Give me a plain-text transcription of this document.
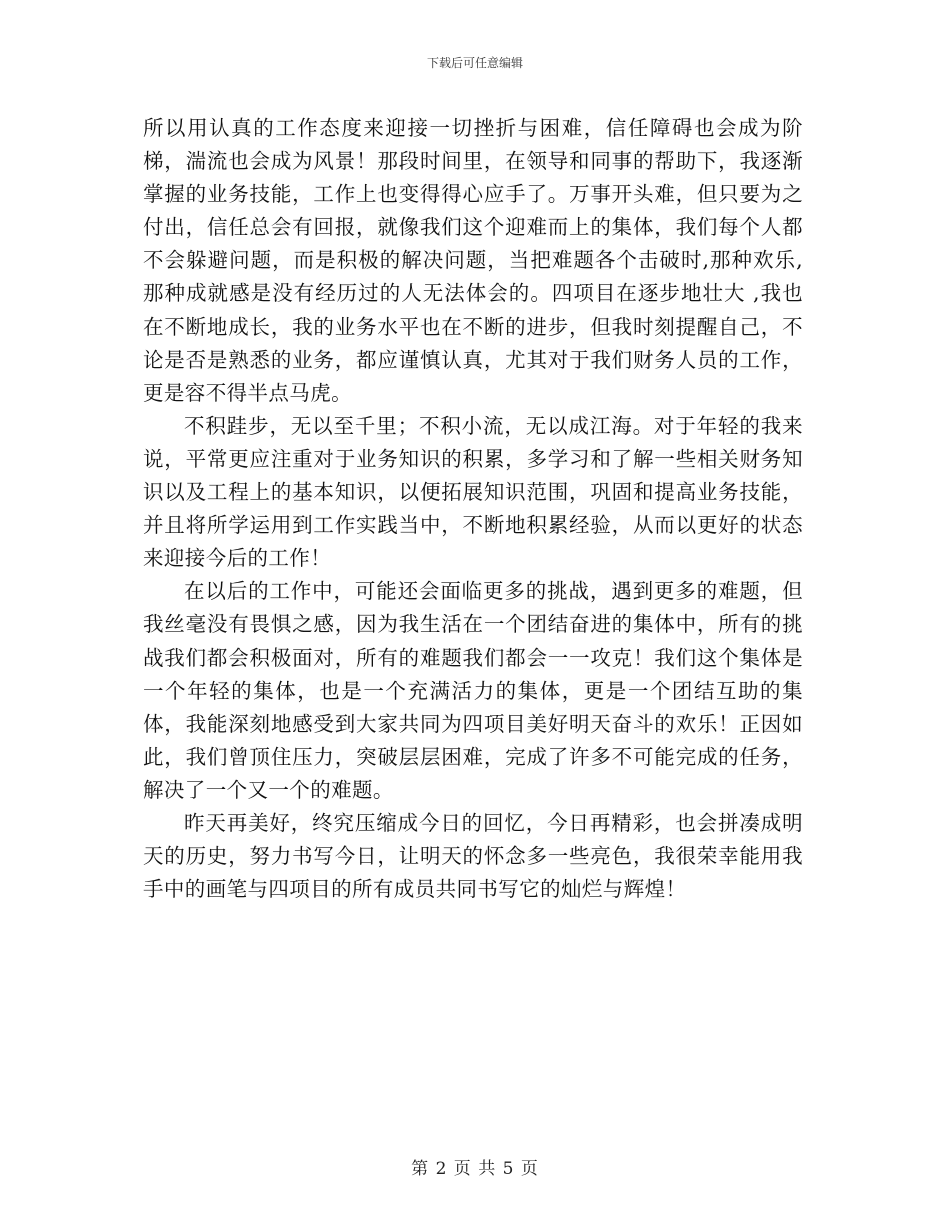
下载后可任意编辑

所以用认真的工作态度来迎接一切挫折与困难，信任障碍也会成为阶梯，湍流也会成为风景！那段时间里，在领导和同事的帮助下，我逐渐掌握的业务技能，工作上也变得得心应手了。万事开头难，但只要为之付出，信任总会有回报，就像我们这个迎难而上的集体，我们每个人都不会躲避问题，而是积极的解决问题，当把难题各个击破时,那种欢乐,那种成就感是没有经历过的人无法体会的。四项目在逐步地壮大 ,我也在不断地成长，我的业务水平也在不断的进步，但我时刻提醒自己，不论是否是熟悉的业务，都应谨慎认真，尤其对于我们财务人员的工作，更是容不得半点马虎。

不积跬步，无以至千里；不积小流，无以成江海。对于年轻的我来说，平常更应注重对于业务知识的积累，多学习和了解一些相关财务知识以及工程上的基本知识，以便拓展知识范围，巩固和提高业务技能，并且将所学运用到工作实践当中，不断地积累经验，从而以更好的状态来迎接今后的工作！

在以后的工作中，可能还会面临更多的挑战，遇到更多的难题，但我丝毫没有畏惧之感，因为我生活在一个团结奋进的集体中，所有的挑战我们都会积极面对，所有的难题我们都会一一攻克！我们这个集体是一个年轻的集体，也是一个充满活力的集体，更是一个团结互助的集体，我能深刻地感受到大家共同为四项目美好明天奋斗的欢乐！正因如此，我们曾顶住压力，突破层层困难，完成了许多不可能完成的任务，解决了一个又一个的难题。

昨天再美好，终究压缩成今日的回忆，今日再精彩，也会拼凑成明天的历史，努力书写今日，让明天的怀念多一些亮色，我很荣幸能用我手中的画笔与四项目的所有成员共同书写它的灿烂与辉煌！

第 2 页 共 5 页
